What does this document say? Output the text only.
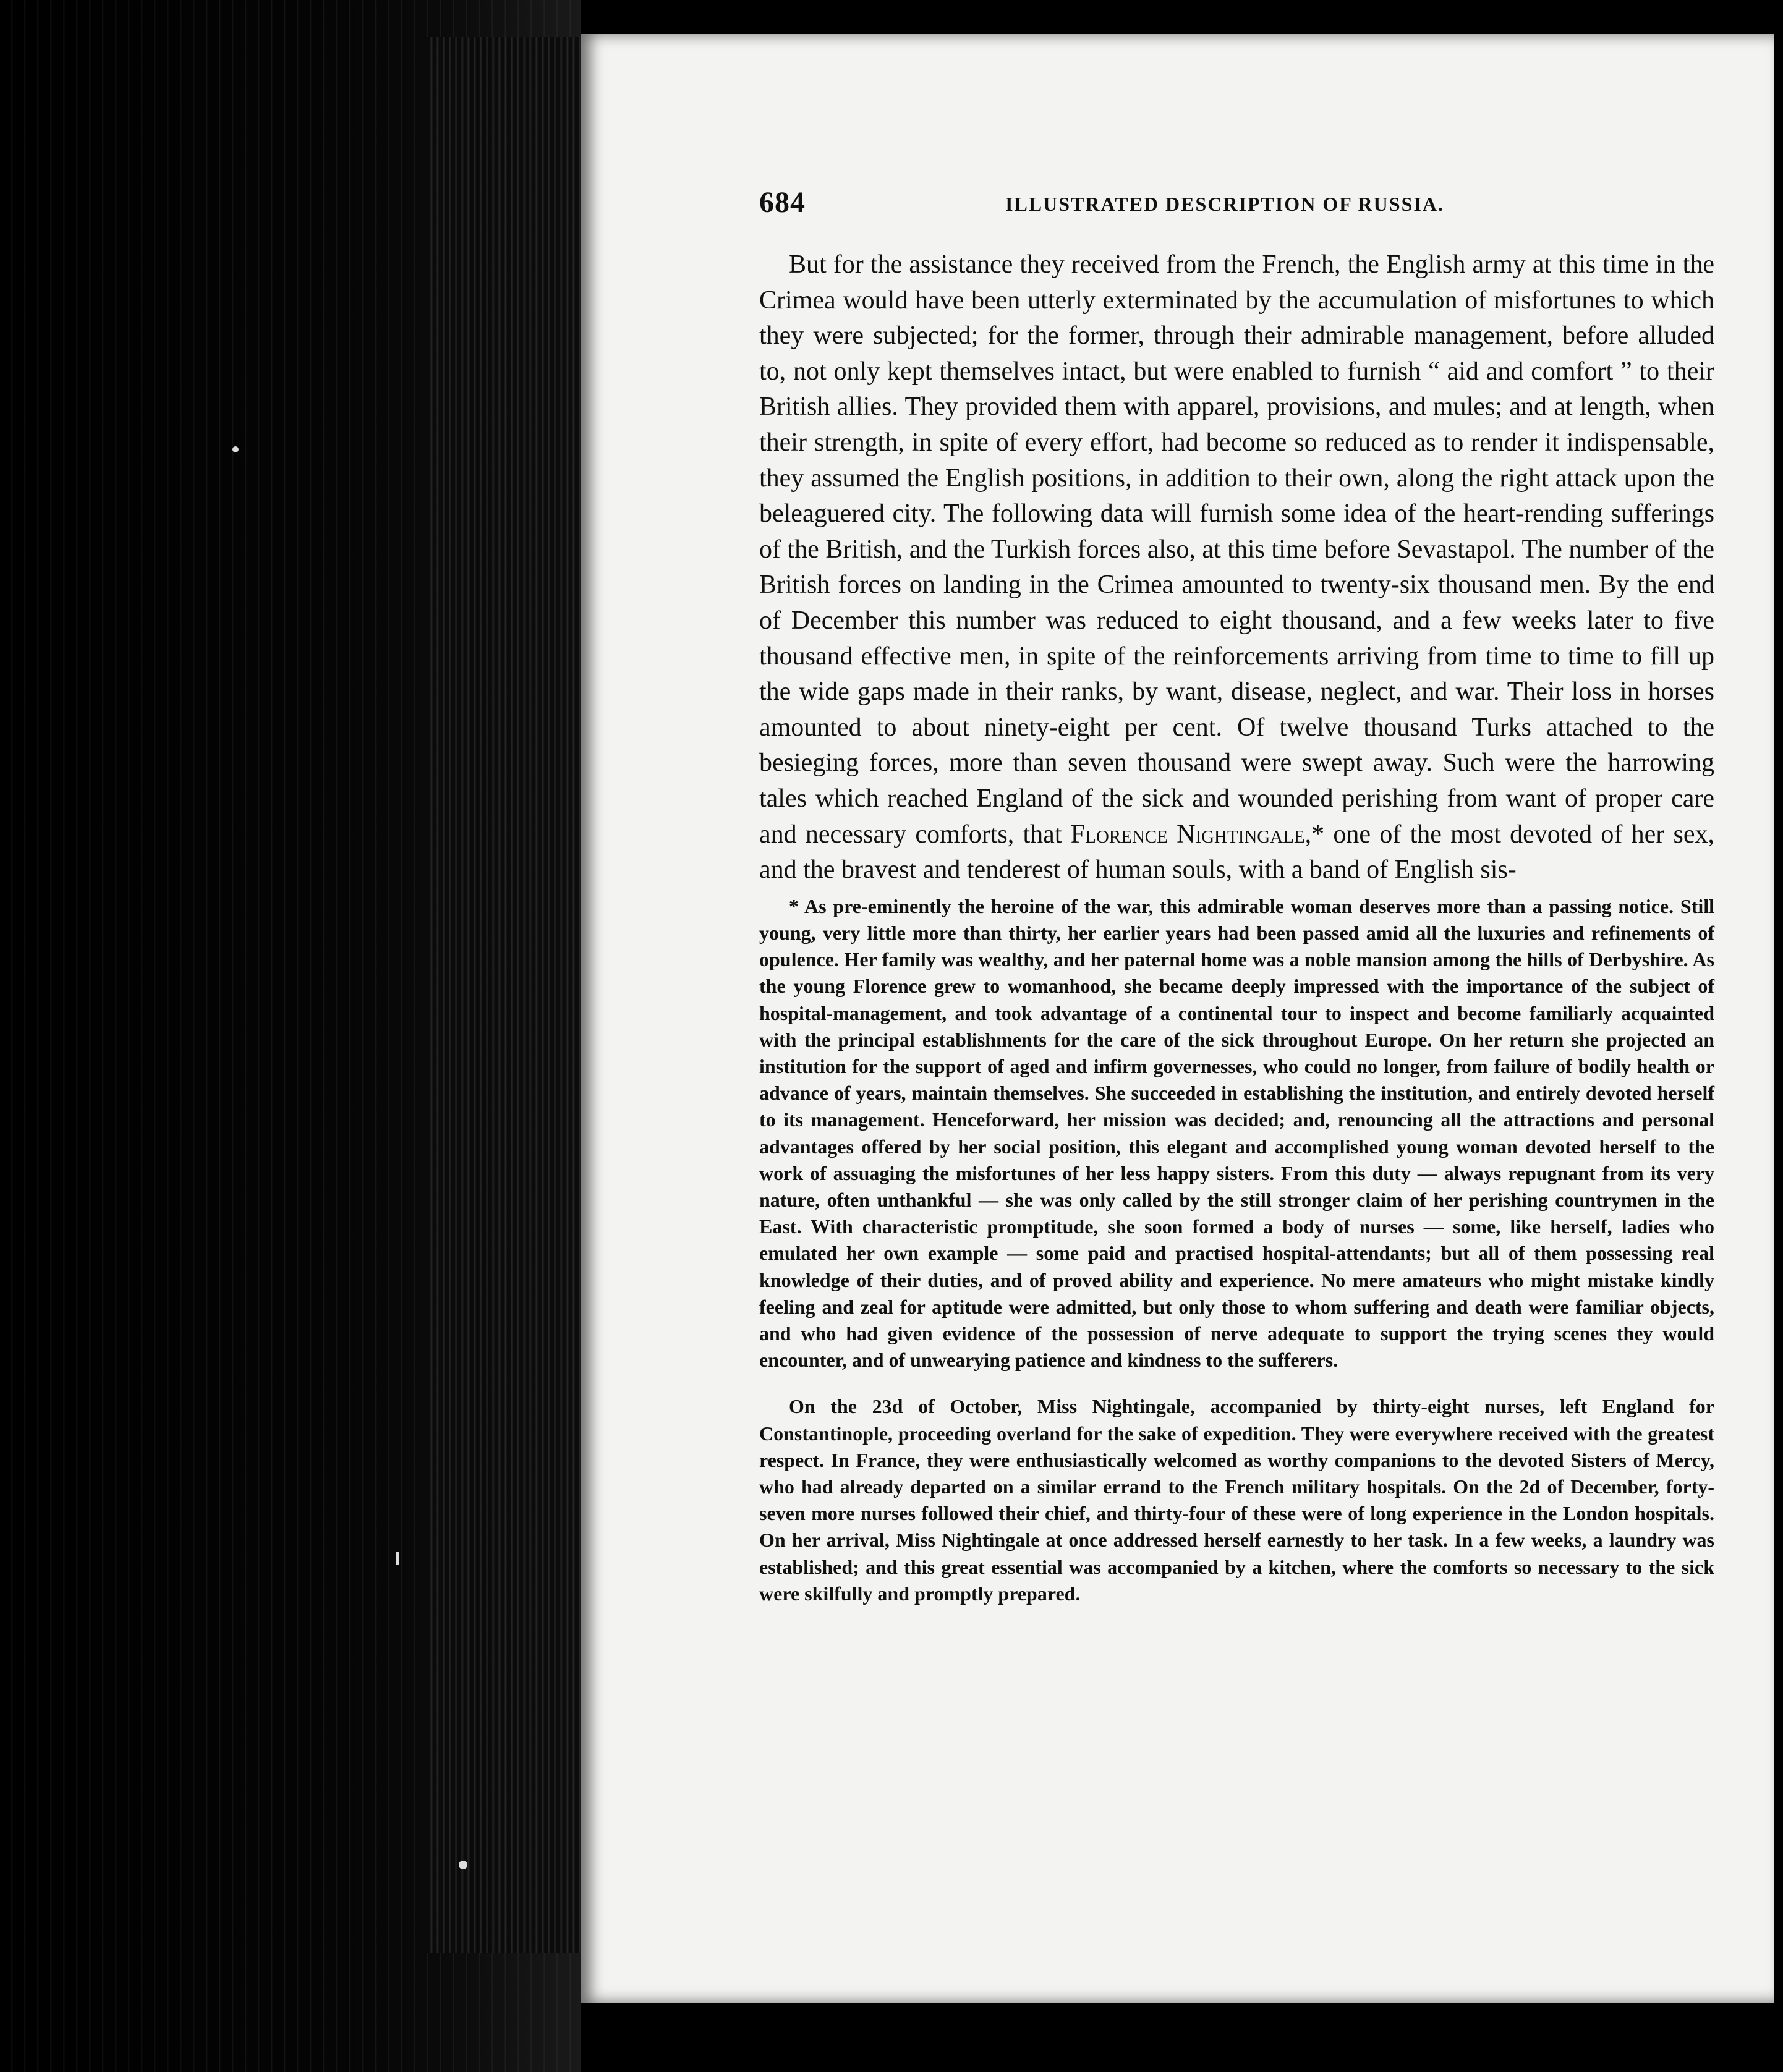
684	ILLUSTRATED DESCRIPTION OF RUSSIA.

But for the assistance they received from the French, the English army at this time in the Crimea would have been utterly exterminated by the accumulation of misfortunes to which they were subjected; for the former, through their admirable management, before alluded to, not only kept themselves intact, but were enabled to furnish “ aid and comfort ” to their British allies. They provided them with apparel, provisions, and mules; and at length, when their strength, in spite of every effort, had become so reduced as to render it indispensable, they assumed the English positions, in addition to their own, along the right attack upon the beleaguered city. The following data will furnish some idea of the heart-rending sufferings of the British, and the Turkish forces also, at this time before Sevastapol. The number of the British forces on landing in the Crimea amounted to twenty-six thousand men. By the end of December this number was reduced to eight thousand, and a few weeks later to five thousand effective men, in spite of the reinforcements arriving from time to time to fill up the wide gaps made in their ranks, by want, disease, neglect, and war. Their loss in horses amounted to about ninety-eight per cent. Of twelve thousand Turks attached to the besieging forces, more than seven thousand were swept away. Such were the harrowing tales which reached England of the sick and wounded perishing from want of proper care and necessary comforts, that Florence Nightingale,* one of the most devoted of her sex, and the bravest and tenderest of human souls, with a band of English sis-

* As pre-eminently the heroine of the war, this admirable woman deserves more than a passing notice. Still young, very little more than thirty, her earlier years had been passed amid all the luxuries and refinements of opulence. Her family was wealthy, and her paternal home was a noble mansion among the hills of Derbyshire. As the young Florence grew to womanhood, she became deeply impressed with the importance of the subject of hospital-management, and took advantage of a continental tour to inspect and become familiarly acquainted with the principal establishments for the care of the sick throughout Europe. On her return she projected an institution for the support of aged and infirm governesses, who could no longer, from failure of bodily health or advance of years, maintain themselves. She succeeded in establishing the institution, and entirely devoted herself to its management. Henceforward, her mission was decided; and, renouncing all the attractions and personal advantages offered by her social position, this elegant and accomplished young woman devoted herself to the work of assuaging the misfortunes of her less happy sisters. From this duty — always repugnant from its very nature, often unthankful — she was only called by the still stronger claim of her perishing countrymen in the East. With characteristic promptitude, she soon formed a body of nurses — some, like herself, ladies who emulated her own example — some paid and practised hospital-attendants; but all of them possessing real knowledge of their duties, and of proved ability and experience. No mere amateurs who might mistake kindly feeling and zeal for aptitude were admitted, but only those to whom suffering and death were familiar objects, and who had given evidence of the possession of nerve adequate to support the trying scenes they would encounter, and of unwearying patience and kindness to the sufferers.

On the 23d of October, Miss Nightingale, accompanied by thirty-eight nurses, left England for Constantinople, proceeding overland for the sake of expedition. They were everywhere received with the greatest respect. In France, they were enthusiastically welcomed as worthy companions to the devoted Sisters of Mercy, who had already departed on a similar errand to the French military hospitals. On the 2d of December, forty-seven more nurses followed their chief, and thirty-four of these were of long experience in the London hospitals. On her arrival, Miss Nightingale at once addressed herself earnestly to her task. In a few weeks, a laundry was established; and this great essential was accompanied by a kitchen, where the comforts so necessary to the sick were skilfully and promptly prepared.
